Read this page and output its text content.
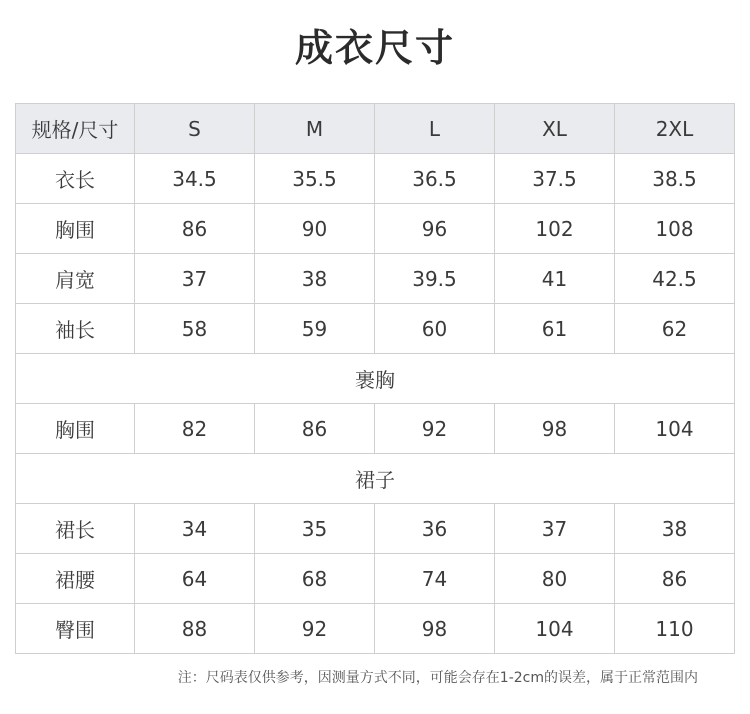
成衣尺寸
规格/尺寸	S	M	L	XL	2XL
衣长	34.5	35.5	36.5	37.5	38.5
胸围	86	90	96	102	108
肩宽	37	38	39.5	41	42.5
袖长	58	59	60	61	62
裹胸					
胸围	82	86	92	98	104
裙子					
裙长	34	35	36	37	38
裙腰	64	68	74	80	86
臀围	88	92	98	104	110
注：尺码表仅供参考，因测量方式不同，可能会存在1-2cm的误差，属于正常范围内
